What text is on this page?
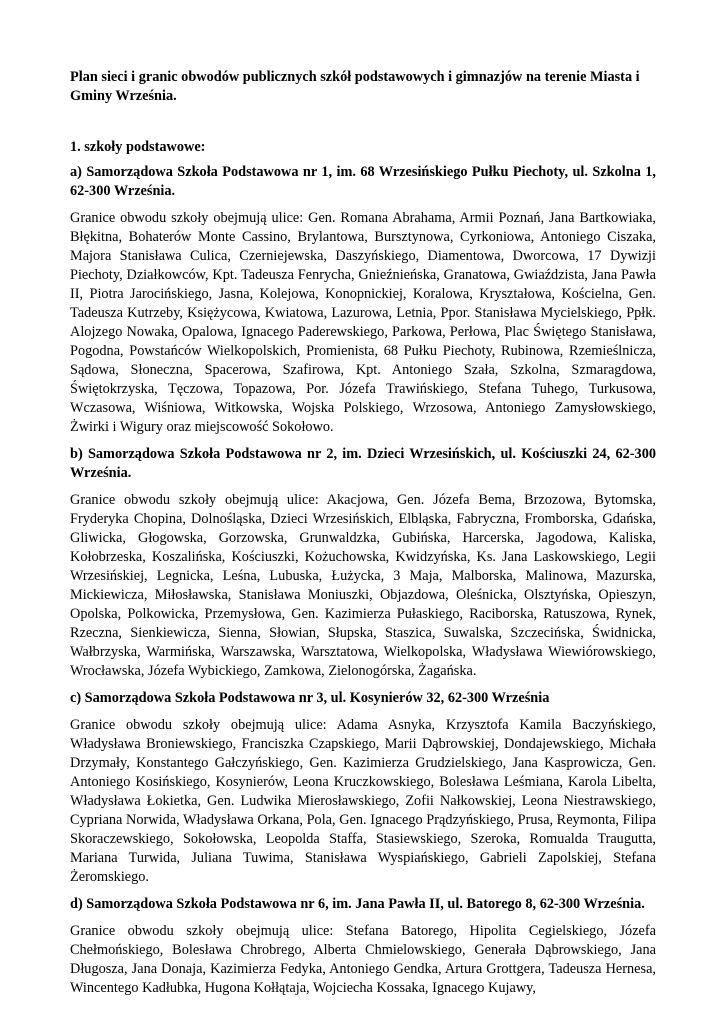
Plan sieci i granic obwodów publicznych szkół podstawowych i gimnazjów na terenie Miasta i Gminy Września.

1. szkoły podstawowe:

a) Samorządowa Szkoła Podstawowa nr 1, im. 68 Wrzesińskiego Pułku Piechoty, ul. Szkolna 1, 62-300 Września.

Granice obwodu szkoły obejmują ulice: Gen. Romana Abrahama, Armii Poznań, Jana Bartkowiaka, Błękitna, Bohaterów Monte Cassino, Brylantowa, Bursztynowa, Cyrkoniowa, Antoniego Ciszaka, Majora Stanisława Culica, Czerniejewska, Daszyńskiego, Diamentowa, Dworcowa, 17 Dywizji Piechoty, Działkowców, Kpt. Tadeusza Fenrycha, Gnieźnieńska, Granatowa, Gwiaździsta, Jana Pawła II, Piotra Jarocińskiego, Jasna, Kolejowa, Konopnickiej, Koralowa, Kryształowa, Kościelna, Gen. Tadeusza Kutrzeby, Księżycowa, Kwiatowa, Lazurowa, Letnia, Ppor. Stanisława Mycielskiego, Ppłk. Alojzego Nowaka, Opalowa, Ignacego Paderewskiego, Parkowa, Perłowa, Plac Świętego Stanisława, Pogodna, Powstańców Wielkopolskich, Promienista, 68 Pułku Piechoty, Rubinowa, Rzemieślnicza, Sądowa, Słoneczna, Spacerowa, Szafirowa, Kpt. Antoniego Szała, Szkolna, Szmaragdowa, Świętokrzyska, Tęczowa, Topazowa, Por. Józefa Trawińskiego, Stefana Tuhego, Turkusowa, Wczasowa, Wiśniowa, Witkowska, Wojska Polskiego, Wrzosowa, Antoniego Zamysłowskiego, Żwirki i Wigury oraz miejscowość Sokołowo.

b) Samorządowa Szkoła Podstawowa nr 2, im. Dzieci Wrzesińskich, ul. Kościuszki 24, 62-300 Września.

Granice obwodu szkoły obejmują ulice: Akacjowa, Gen. Józefa Bema, Brzozowa, Bytomska, Fryderyka Chopina, Dolnośląska, Dzieci Wrzesińskich, Elbląska, Fabryczna, Fromborska, Gdańska, Gliwicka, Głogowska, Gorzowska, Grunwaldzka, Gubińska, Harcerska, Jagodowa, Kaliska, Kołobrzeska, Koszalińska, Kościuszki, Kożuchowska, Kwidzyńska, Ks. Jana Laskowskiego, Legii Wrzesińskiej, Legnicka, Leśna, Lubuska, Łużycka, 3 Maja, Malborska, Malinowa, Mazurska, Mickiewicza, Miłosławska, Stanisława Moniuszki, Objazdowa, Oleśnicka, Olsztyńska, Opieszyn, Opolska, Polkowicka, Przemysłowa, Gen. Kazimierza Pułaskiego, Raciborska, Ratuszowa, Rynek, Rzeczna, Sienkiewicza, Sienna, Słowian, Słupska, Staszica, Suwalska, Szczecińska, Świdnicka, Wałbrzyska, Warmińska, Warszawska, Warsztatowa, Wielkopolska, Władysława Wiewiórowskiego, Wrocławska, Józefa Wybickiego, Zamkowa, Zielonogórska, Żagańska.

c) Samorządowa Szkoła Podstawowa nr 3, ul. Kosynierów 32, 62-300 Września

Granice obwodu szkoły obejmują ulice: Adama Asnyka, Krzysztofa Kamila Baczyńskiego, Władysława Broniewskiego, Franciszka Czapskiego, Marii Dąbrowskiej, Dondajewskiego, Michała Drzymały, Konstantego Gałczyńskiego, Gen. Kazimierza Grudzielskiego, Jana Kasprowicza, Gen. Antoniego Kosińskiego, Kosynierów, Leona Kruczkowskiego, Bolesława Leśmiana, Karola Libelta, Władysława Łokietka, Gen. Ludwika Mierosławskiego, Zofii Nałkowskiej, Leona Niestrawskiego, Cypriana Norwida, Władysława Orkana, Pola, Gen. Ignacego Prądzyńskiego, Prusa, Reymonta, Filipa Skoraczewskiego, Sokołowska, Leopolda Staffa, Stasiewskiego, Szeroka, Romualda Traugutta, Mariana Turwida, Juliana Tuwima, Stanisława Wyspiańskiego, Gabrieli Zapolskiej, Stefana Żeromskiego.

d) Samorządowa Szkoła Podstawowa nr 6, im. Jana Pawła II, ul. Batorego 8, 62-300 Września.

Granice obwodu szkoły obejmują ulice: Stefana Batorego, Hipolita Cegielskiego, Józefa Chełmońskiego, Bolesława Chrobrego, Alberta Chmielowskiego, Generała Dąbrowskiego, Jana Długosza, Jana Donaja, Kazimierza Fedyka, Antoniego Gendka, Artura Grottgera, Tadeusza Hernesa, Wincentego Kadłubka, Hugona Kołłątaja, Wojciecha Kossaka, Ignacego Kujawy,
